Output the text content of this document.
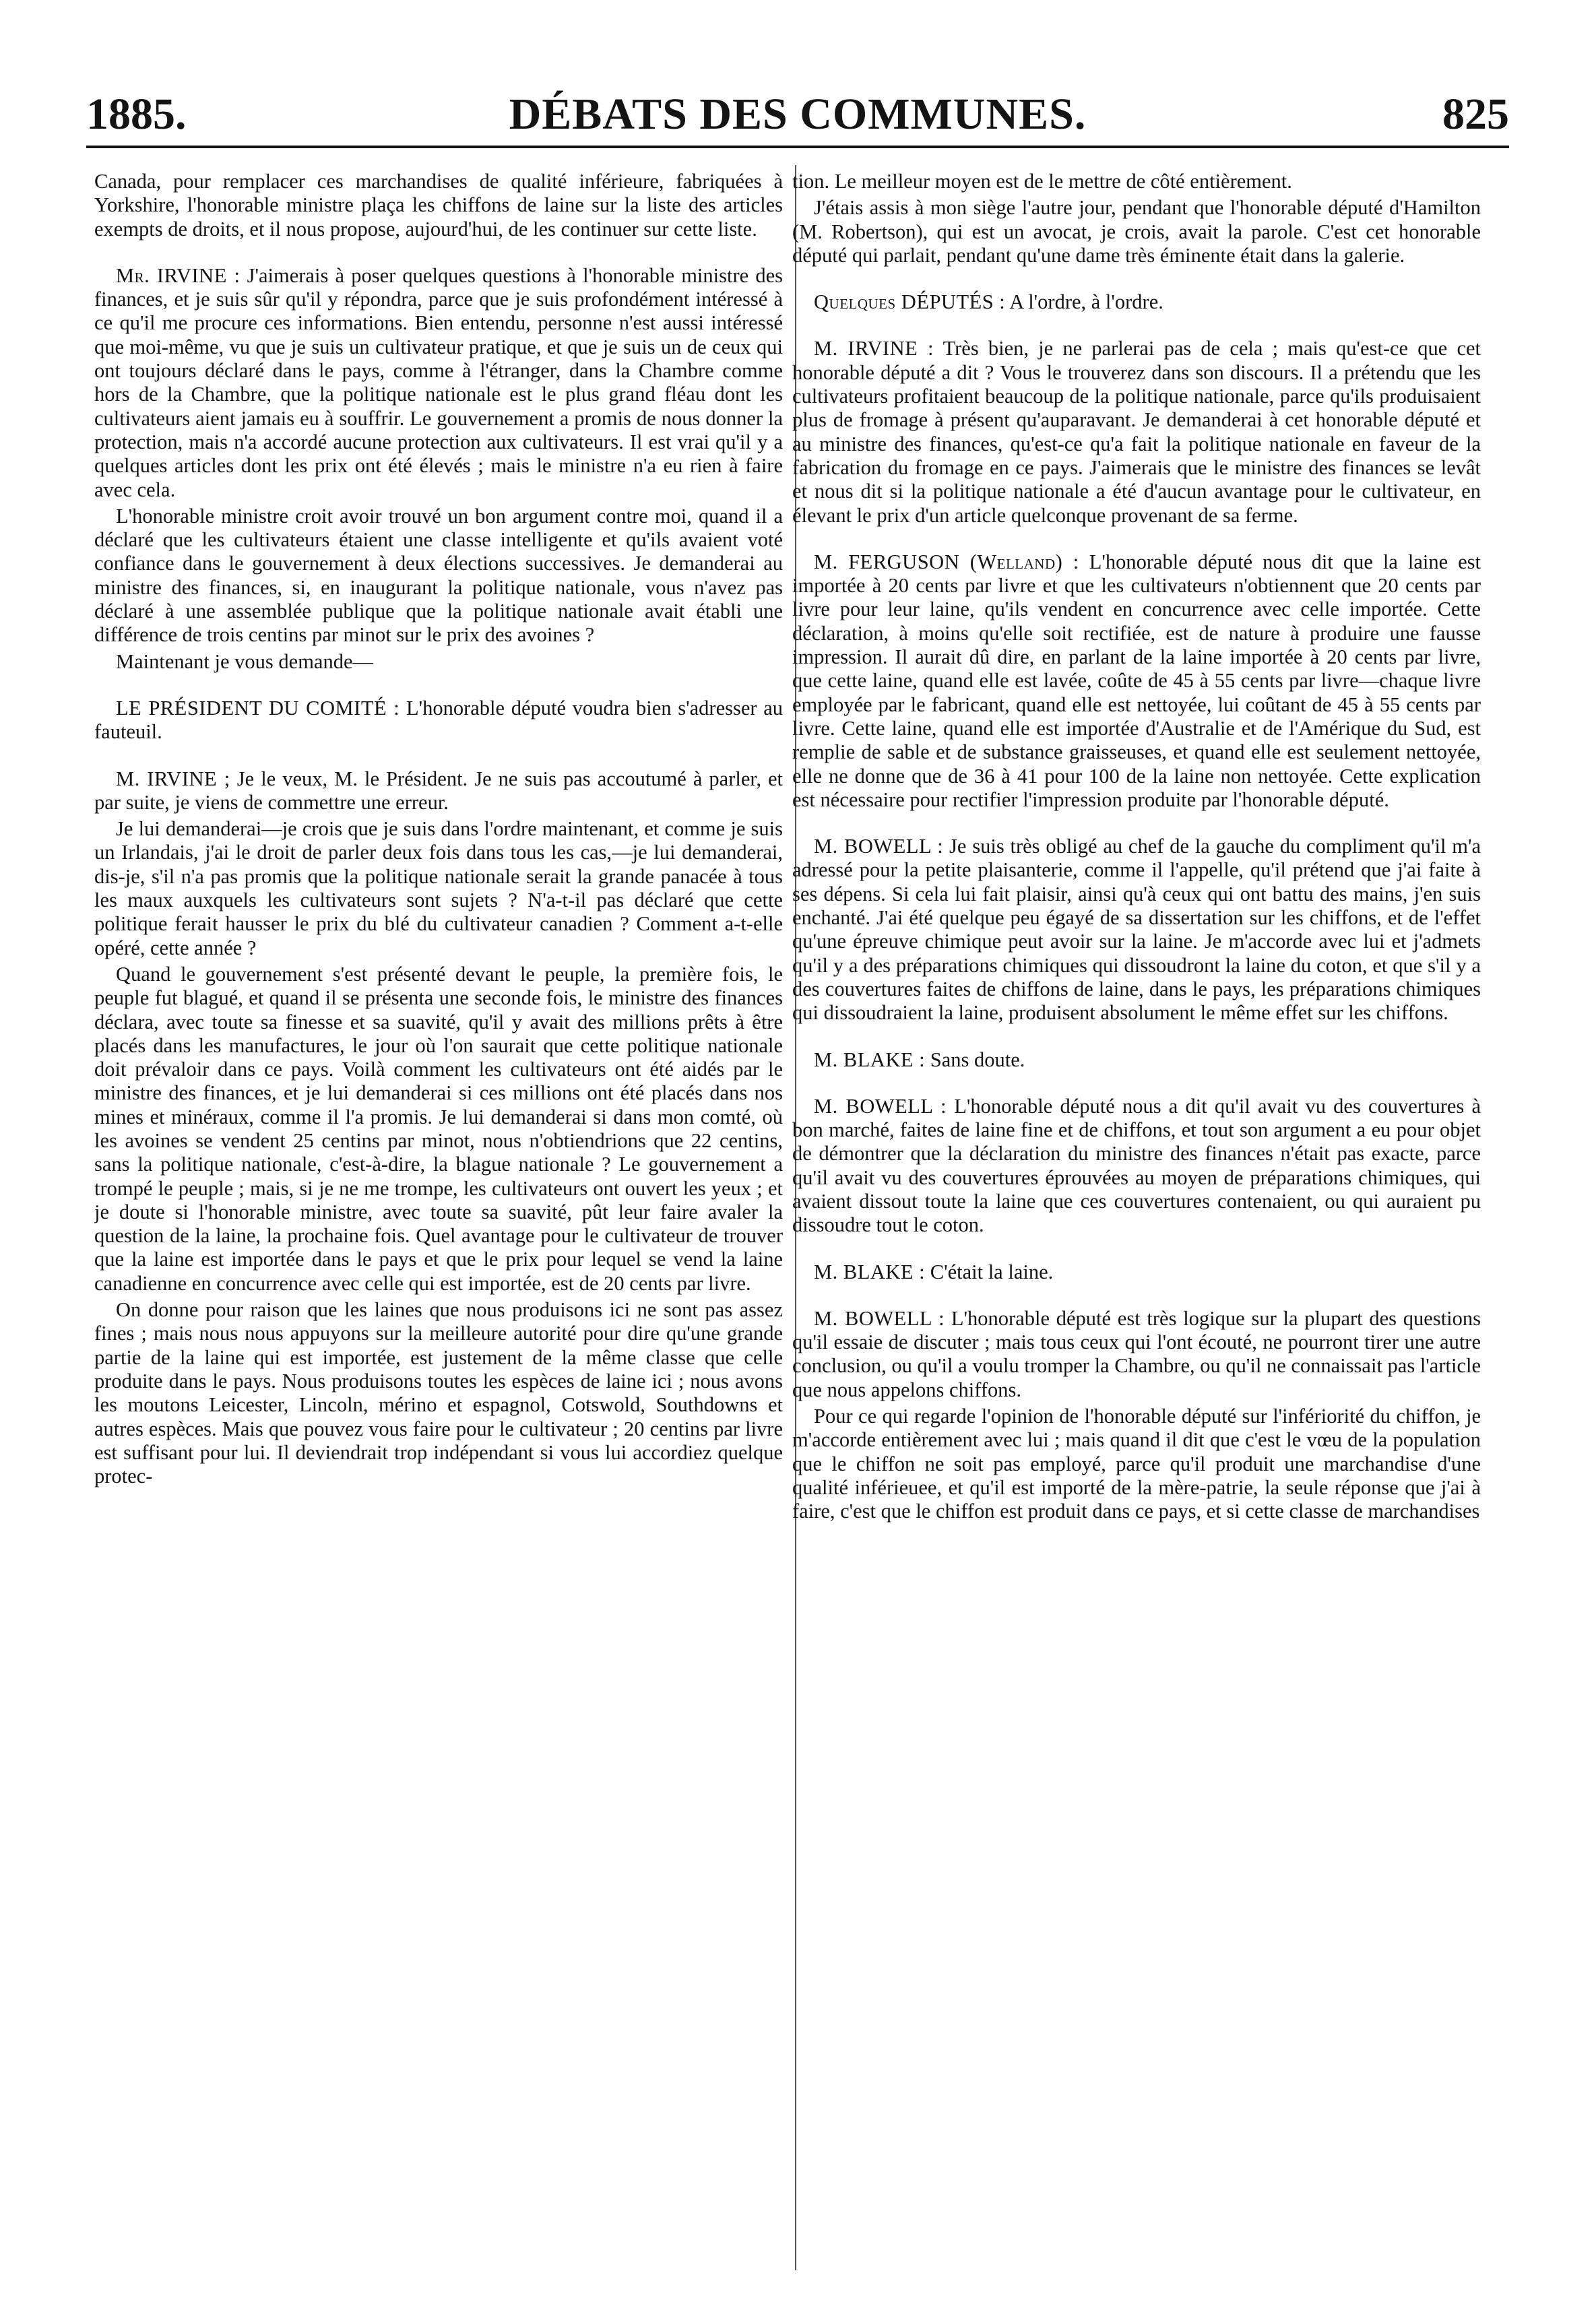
1885.	DÉBATS DES COMMUNES.	825

Canada, pour remplacer ces marchandises de qualité inférieure, fabriquées à Yorkshire, l'honorable ministre plaça les chiffons de laine sur la liste des articles exempts de droits, et il nous propose, aujourd'hui, de les continuer sur cette liste.

Mr. IRVINE : J'aimerais à poser quelques questions à l'honorable ministre des finances, et je suis sûr qu'il y répondra, parce que je suis profondément intéressé à ce qu'il me procure ces informations. Bien entendu, personne n'est aussi intéressé que moi-même, vu que je suis un cultivateur pratique, et que je suis un de ceux qui ont toujours déclaré dans le pays, comme à l'étranger, dans la Chambre comme hors de la Chambre, que la politique nationale est le plus grand fléau dont les cultivateurs aient jamais eu à souffrir. Le gouvernement a promis de nous donner la protection, mais n'a accordé aucune protection aux cultivateurs. Il est vrai qu'il y a quelques articles dont les prix ont été élevés ; mais le ministre n'a eu rien à faire avec cela.

L'honorable ministre croit avoir trouvé un bon argument contre moi, quand il a déclaré que les cultivateurs étaient une classe intelligente et qu'ils avaient voté confiance dans le gouvernement à deux élections successives. Je demanderai au ministre des finances, si, en inaugurant la politique nationale, vous n'avez pas déclaré à une assemblée publique que la politique nationale avait établi une différence de trois centins par minot sur le prix des avoines ?

Maintenant je vous demande—

LE PRÉSIDENT DU COMITÉ : L'honorable député voudra bien s'adresser au fauteuil.

M. IRVINE ; Je le veux, M. le Président. Je ne suis pas accoutumé à parler, et par suite, je viens de commettre une erreur.

Je lui demanderai—je crois que je suis dans l'ordre maintenant, et comme je suis un Irlandais, j'ai le droit de parler deux fois dans tous les cas,—je lui demanderai, dis-je, s'il n'a pas promis que la politique nationale serait la grande panacée à tous les maux auxquels les cultivateurs sont sujets ? N'a-t-il pas déclaré que cette politique ferait hausser le prix du blé du cultivateur canadien ? Comment a-t-elle opéré, cette année ?

Quand le gouvernement s'est présenté devant le peuple, la première fois, le peuple fut blagué, et quand il se présenta une seconde fois, le ministre des finances déclara, avec toute sa finesse et sa suavité, qu'il y avait des millions prêts à être placés dans les manufactures, le jour où l'on saurait que cette politique nationale doit prévaloir dans ce pays. Voilà comment les cultivateurs ont été aidés par le ministre des finances, et je lui demanderai si ces millions ont été placés dans nos mines et minéraux, comme il l'a promis. Je lui demanderai si dans mon comté, où les avoines se vendent 25 centins par minot, nous n'obtiendrions que 22 centins, sans la politique nationale, c'est-à-dire, la blague nationale ? Le gouvernement a trompé le peuple ; mais, si je ne me trompe, les cultivateurs ont ouvert les yeux ; et je doute si l'honorable ministre, avec toute sa suavité, pût leur faire avaler la question de la laine, la prochaine fois. Quel avantage pour le cultivateur de trouver que la laine est importée dans le pays et que le prix pour lequel se vend la laine canadienne en concurrence avec celle qui est importée, est de 20 cents par livre.

On donne pour raison que les laines que nous produisons ici ne sont pas assez fines ; mais nous nous appuyons sur la meilleure autorité pour dire qu'une grande partie de la laine qui est importée, est justement de la même classe que celle produite dans le pays. Nous produisons toutes les espèces de laine ici ; nous avons les moutons Leicester, Lincoln, mérino et espagnol, Cotswold, Southdowns et autres espèces. Mais que pouvez vous faire pour le cultivateur ; 20 centins par livre est suffisant pour lui. Il deviendrait trop indépendant si vous lui accordiez quelque protec-

tion. Le meilleur moyen est de le mettre de côté entièrement.

J'étais assis à mon siège l'autre jour, pendant que l'honorable député d'Hamilton (M. Robertson), qui est un avocat, je crois, avait la parole. C'est cet honorable député qui parlait, pendant qu'une dame très éminente était dans la galerie.

Quelques DÉPUTÉS : A l'ordre, à l'ordre.

M. IRVINE : Très bien, je ne parlerai pas de cela ; mais qu'est-ce que cet honorable député a dit ? Vous le trouverez dans son discours. Il a prétendu que les cultivateurs profitaient beaucoup de la politique nationale, parce qu'ils produisaient plus de fromage à présent qu'auparavant. Je demanderai à cet honorable député et au ministre des finances, qu'est-ce qu'a fait la politique nationale en faveur de la fabrication du fromage en ce pays. J'aimerais que le ministre des finances se levât et nous dit si la politique nationale a été d'aucun avantage pour le cultivateur, en élevant le prix d'un article quelconque provenant de sa ferme.

M. FERGUSON (Welland) : L'honorable député nous dit que la laine est importée à 20 cents par livre et que les cultivateurs n'obtiennent que 20 cents par livre pour leur laine, qu'ils vendent en concurrence avec celle importée. Cette déclaration, à moins qu'elle soit rectifiée, est de nature à produire une fausse impression. Il aurait dû dire, en parlant de la laine importée à 20 cents par livre, que cette laine, quand elle est lavée, coûte de 45 à 55 cents par livre—chaque livre employée par le fabricant, quand elle est nettoyée, lui coûtant de 45 à 55 cents par livre. Cette laine, quand elle est importée d'Australie et de l'Amérique du Sud, est remplie de sable et de substance graisseuses, et quand elle est seulement nettoyée, elle ne donne que de 36 à 41 pour 100 de la laine non nettoyée. Cette explication est nécessaire pour rectifier l'impression produite par l'honorable député.

M. BOWELL : Je suis très obligé au chef de la gauche du compliment qu'il m'a adressé pour la petite plaisanterie, comme il l'appelle, qu'il prétend que j'ai faite à ses dépens. Si cela lui fait plaisir, ainsi qu'à ceux qui ont battu des mains, j'en suis enchanté. J'ai été quelque peu égayé de sa dissertation sur les chiffons, et de l'effet qu'une épreuve chimique peut avoir sur la laine. Je m'accorde avec lui et j'admets qu'il y a des préparations chimiques qui dissoudront la laine du coton, et que s'il y a des couvertures faites de chiffons de laine, dans le pays, les préparations chimiques qui dissoudraient la laine, produisent absolument le même effet sur les chiffons.

M. BLAKE : Sans doute.

M. BOWELL : L'honorable député nous a dit qu'il avait vu des couvertures à bon marché, faites de laine fine et de chiffons, et tout son argument a eu pour objet de démontrer que la déclaration du ministre des finances n'était pas exacte, parce qu'il avait vu des couvertures éprouvées au moyen de préparations chimiques, qui avaient dissout toute la laine que ces couvertures contenaient, ou qui auraient pu dissoudre tout le coton.

M. BLAKE : C'était la laine.

M. BOWELL : L'honorable député est très logique sur la plupart des questions qu'il essaie de discuter ; mais tous ceux qui l'ont écouté, ne pourront tirer une autre conclusion, ou qu'il a voulu tromper la Chambre, ou qu'il ne connaissait pas l'article que nous appelons chiffons.

Pour ce qui regarde l'opinion de l'honorable député sur l'infériorité du chiffon, je m'accorde entièrement avec lui ; mais quand il dit que c'est le vœu de la population que le chiffon ne soit pas employé, parce qu'il produit une marchandise d'une qualité inférieuee, et qu'il est importé de la mère-patrie, la seule réponse que j'ai à faire, c'est que le chiffon est produit dans ce pays, et si cette classe de marchandises
